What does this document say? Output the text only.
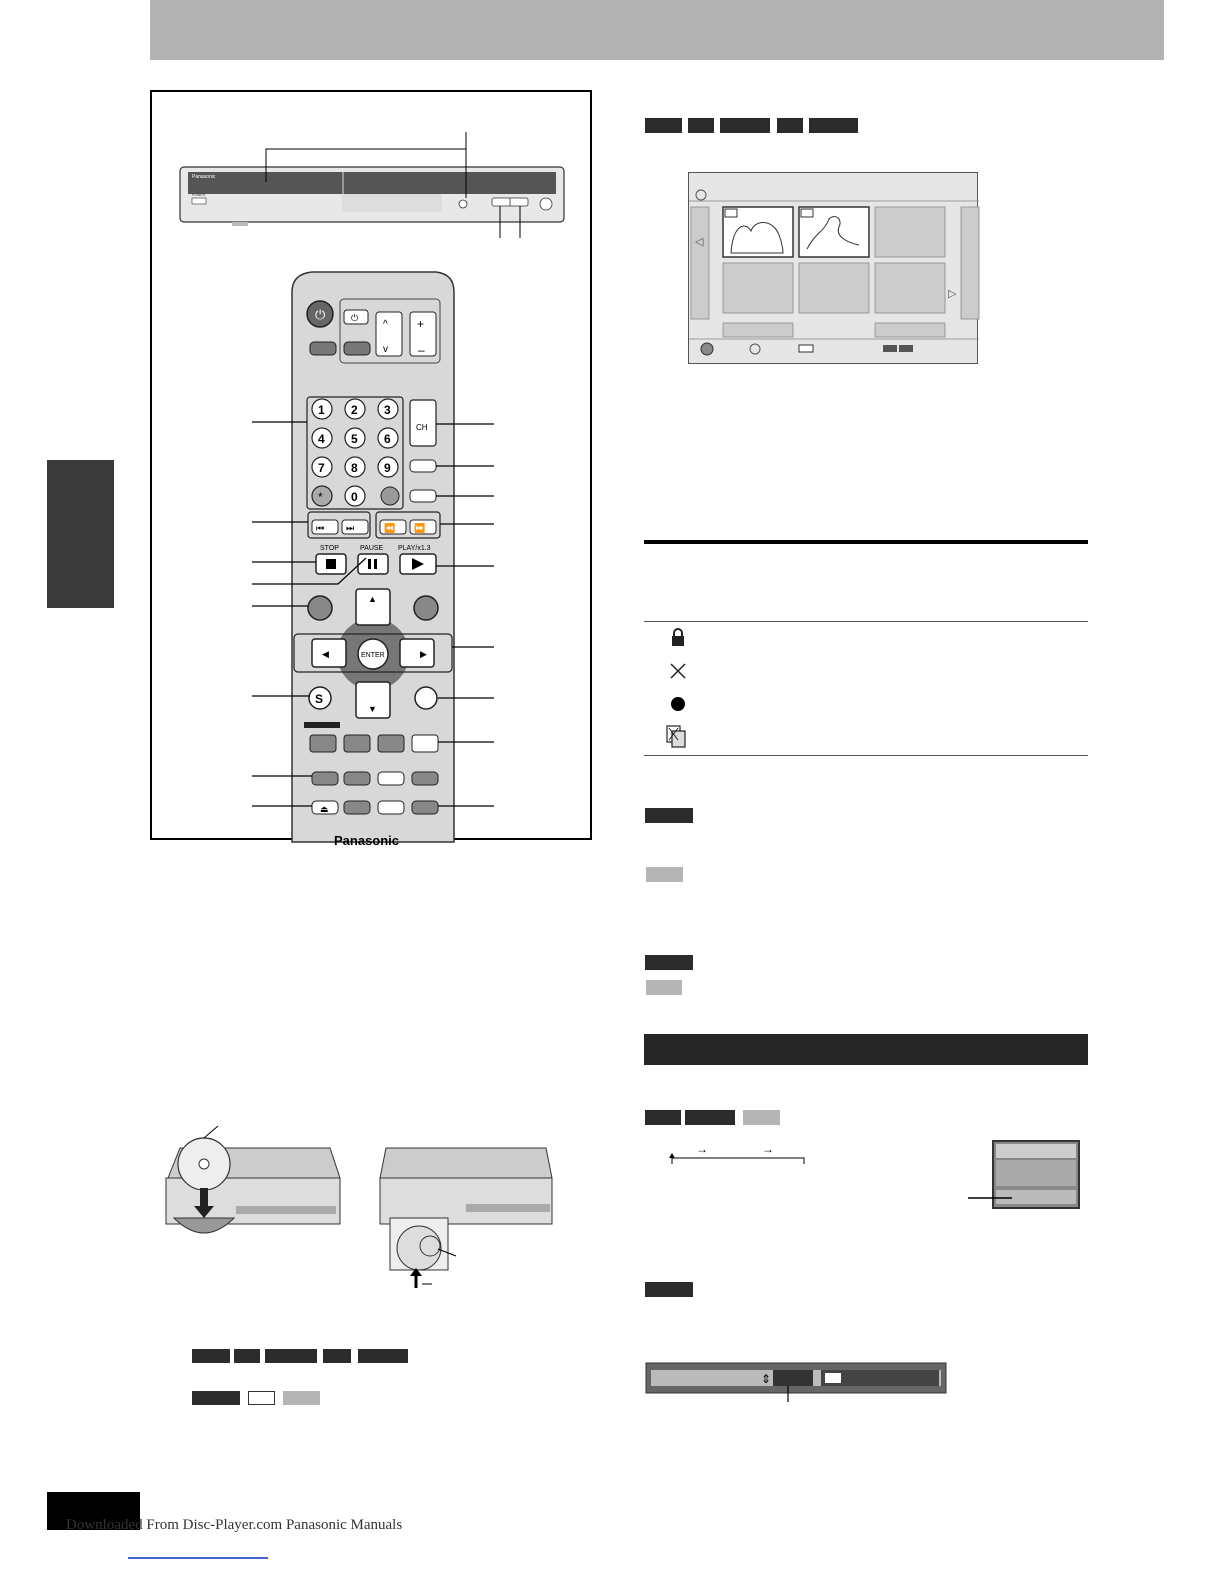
Panasonic
POWER
⏻	⏻
^
v
+
–
1 2 3
4 5 6
7 8 9
0
*
CH
⏮ ⏭	⏪ ⏩
STOP	PAUSE PLAY/x1.3
▲
▼
◀	▶
ENTER
S
⏏
Panasonic
◁
▷
→	→
⇕
Downloaded From Disc-Player.com Panasonic Manuals
